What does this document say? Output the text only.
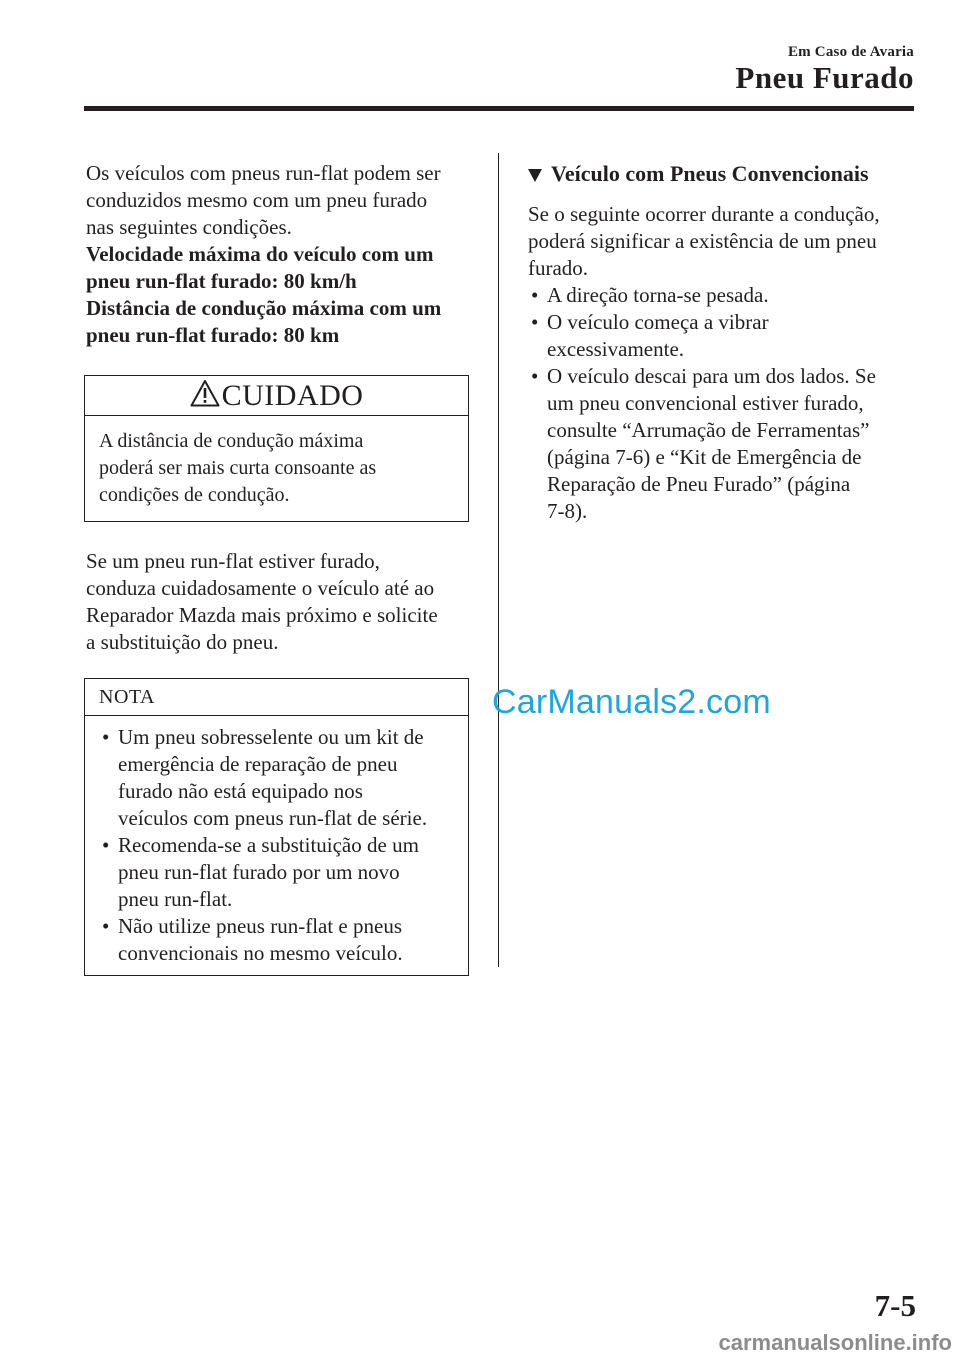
Em Caso de Avaria
Pneu Furado

Os veículos com pneus run-flat podem ser
conduzidos mesmo com um pneu furado
nas seguintes condições.

Velocidade máxima do veículo com um
pneu run-flat furado: 80 km/h
Distância de condução máxima com um
pneu run-flat furado: 80 km

CUIDADO

A distância de condução máxima
poderá ser mais curta consoante as
condições de condução.

Se um pneu run-flat estiver furado,
conduza cuidadosamente o veículo até ao
Reparador Mazda mais próximo e solicite
a substituição do pneu.

NOTA
• Um pneu sobresselente ou um kit de
emergência de reparação de pneu
furado não está equipado nos
veículos com pneus run-flat de série.
• Recomenda-se a substituição de um
pneu run-flat furado por um novo
pneu run-flat.
• Não utilize pneus run-flat e pneus
convencionais no mesmo veículo.
Veículo com Pneus Convencionais

Se o seguinte ocorrer durante a condução,
poderá significar a existência de um pneu
furado.

• A direção torna-se pesada.
• O veículo começa a vibrar
excessivamente.
• O veículo descai para um dos lados. Se
um pneu convencional estiver furado,
consulte “Arrumação de Ferramentas”
(página 7-6) e “Kit de Emergência de
Reparação de Pneu Furado” (página
7-8).
CarManuals2.com
7-5
carmanualsonline.info
